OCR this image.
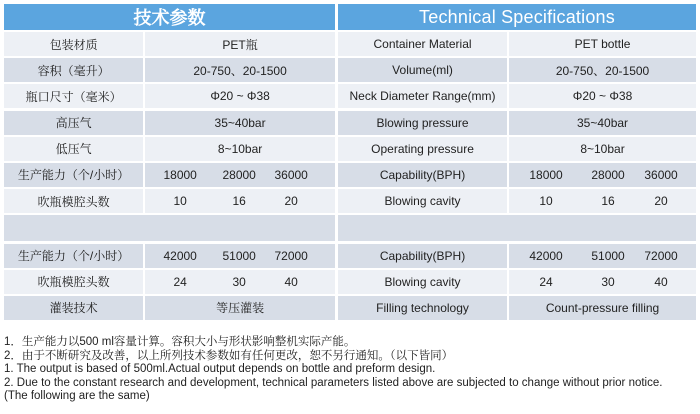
技术参数
包装材质	PET瓶
容积（毫升）	20-750、20-1500
瓶口尺寸（毫米）	Φ20 ~ Φ38
高压气	35~40bar
低压气	8~10bar
生产能力（个/小时）	18000	28000	36000
吹瓶模腔头数	10	16	20
生产能力（个/小时）	42000	51000	72000
吹瓶模腔头数	24	30	40
灌装技术	等压灌装
Technical Specifications
Container Material	PET bottle
Volume(ml)	20-750、20-1500
Neck Diameter Range(mm)	Φ20 ~ Φ38
Blowing pressure	35~40bar
Operating pressure	8~10bar
Capability(BPH)	18000	28000	36000
Blowing cavity	10	16	20
Capability(BPH)	42000	51000	72000
Blowing cavity	24	30	40
Filling technology	Count-pressure filling
1．生产能力以500 ml容量计算。容积大小与形状影响整机实际产能。
2．由于不断研究及改善，以上所列技术参数如有任何更改，恕不另行通知。（以下皆同）
1. The output is based of 500ml.Actual output depends on bottle and preform design.
2. Due to the constant research and development, technical parameters listed above are subjected to change without prior notice.
(The following are the same)
